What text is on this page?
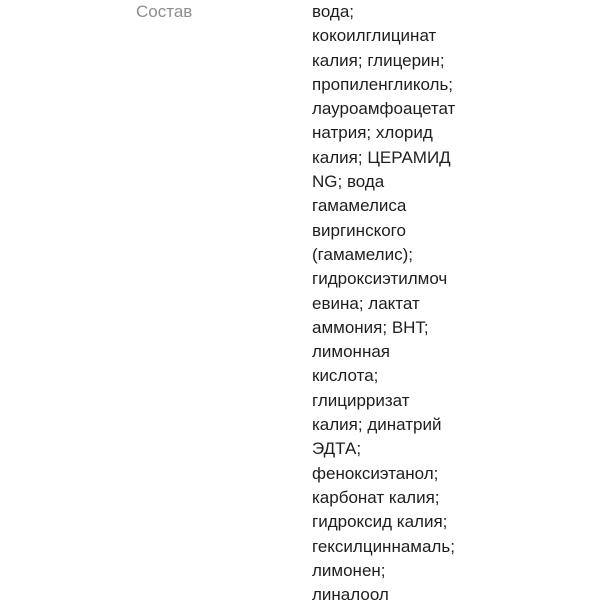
Состав	вода;
кокоилглицинат
калия; глицерин;
пропиленгликоль;
лауроамфоацетат
натрия; хлорид
калия; ЦЕРАМИД
NG; вода
гамамелиса
виргинского
(гамамелис);
гидроксиэтилмоч
евина; лактат
аммония; BHT;
лимонная
кислота;
глицирризат
калия; динатрий
ЭДТА;
феноксиэтанол;
карбонат калия;
гидроксид калия;
гексилциннамаль;
лимонен;
линалоол
